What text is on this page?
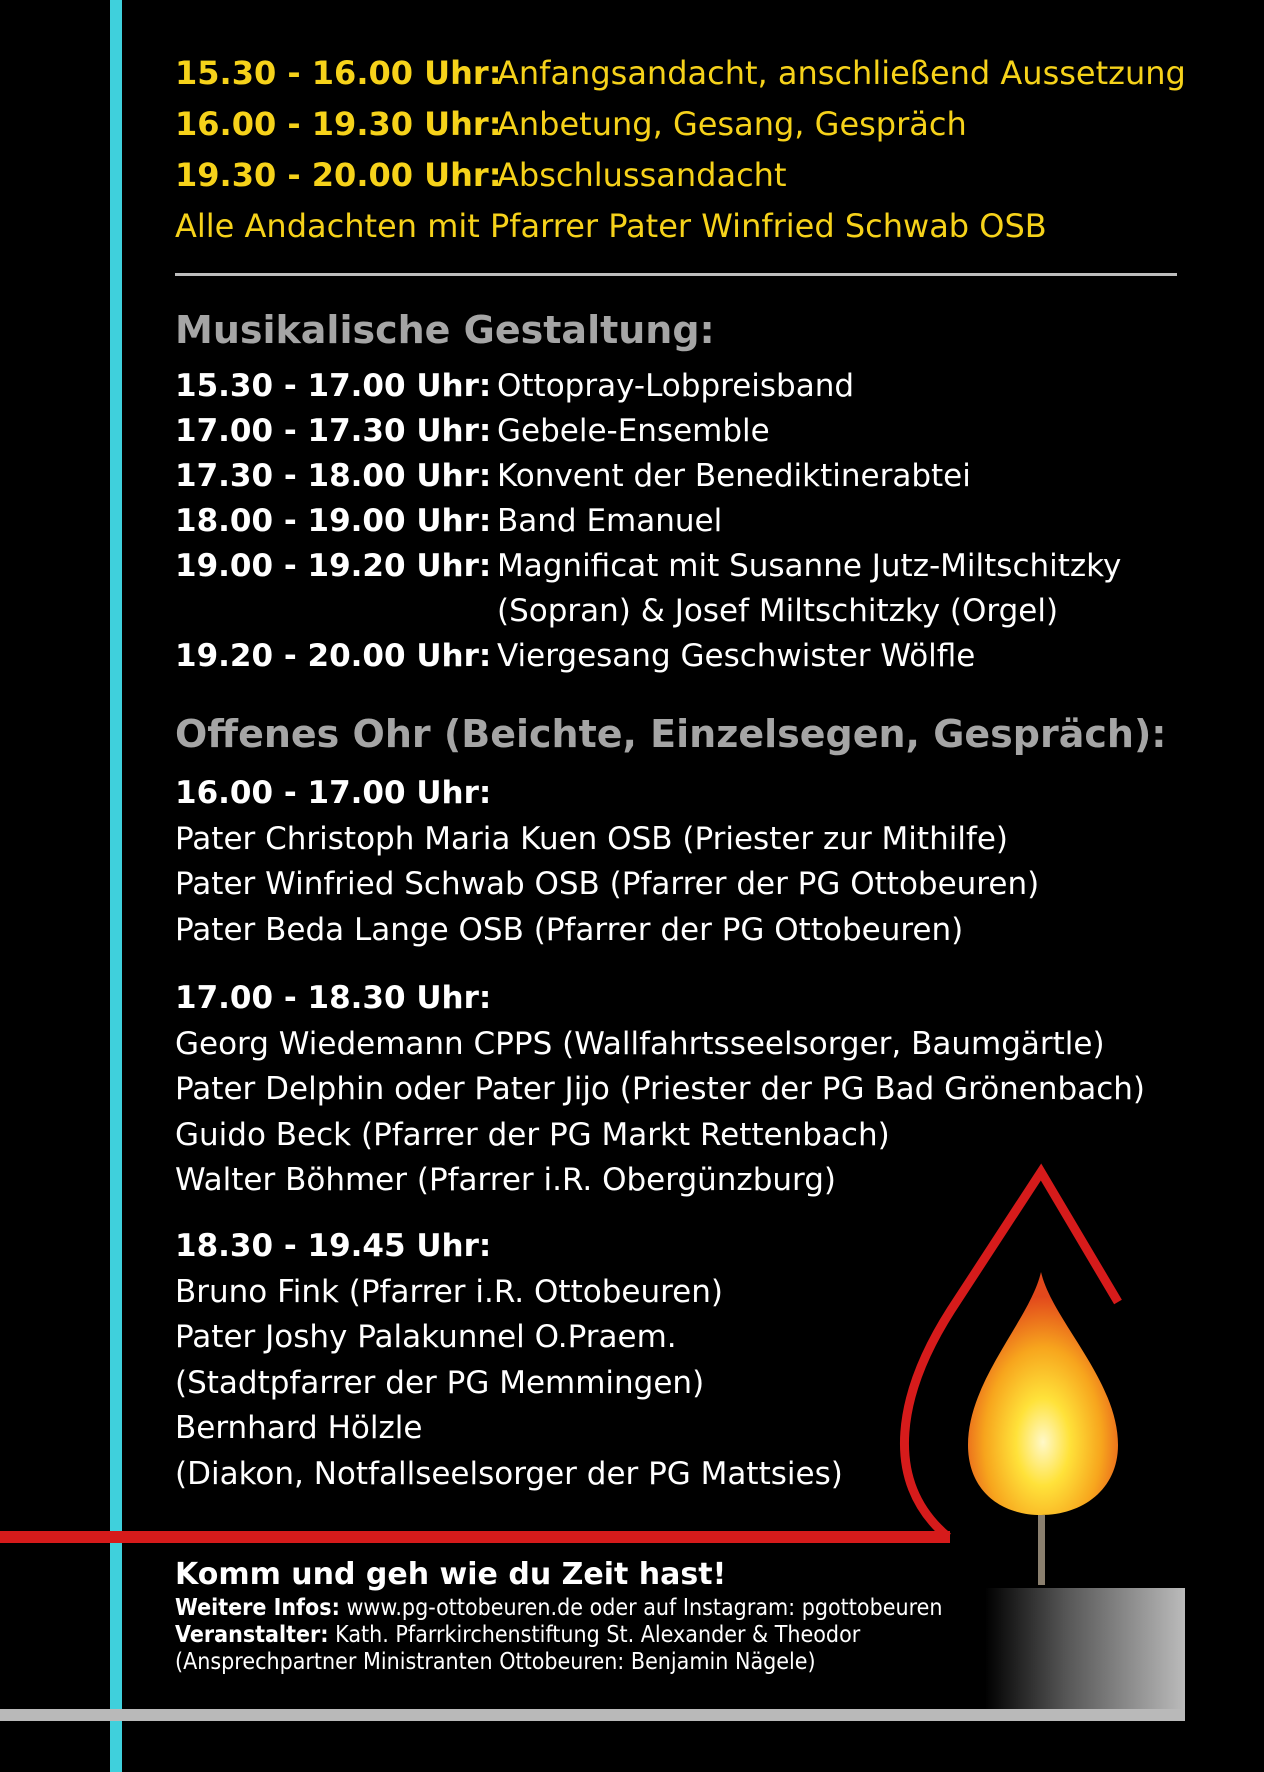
15.30 - 16.00 Uhr:
Anfangsandacht, anschließend Aussetzung
16.00 - 19.30 Uhr:
Anbetung, Gesang, Gespräch
19.30 - 20.00 Uhr:
Abschlussandacht
Alle Andachten mit Pfarrer Pater Winfried Schwab OSB
Musikalische Gestaltung:
15.30 - 17.00 Uhr: Ottopray-Lobpreisband
17.00 - 17.30 Uhr: Gebele-Ensemble
17.30 - 18.00 Uhr: Konvent der Benediktinerabtei
18.00 - 19.00 Uhr: Band Emanuel
19.00 - 19.20 Uhr: Magnificat mit Susanne Jutz-Miltschitzky
(Sopran) & Josef Miltschitzky (Orgel)
19.20 - 20.00 Uhr: Viergesang Geschwister Wölfle
Offenes Ohr (Beichte, Einzelsegen, Gespräch):
16.00 - 17.00 Uhr:
Pater Christoph Maria Kuen OSB (Priester zur Mithilfe)
Pater Winfried Schwab OSB (Pfarrer der PG Ottobeuren)
Pater Beda Lange OSB (Pfarrer der PG Ottobeuren)
17.00 - 18.30 Uhr:
Georg Wiedemann CPPS (Wallfahrtsseelsorger, Baumgärtle)
Pater Delphin oder Pater Jijo (Priester der PG Bad Grönenbach)
Guido Beck (Pfarrer der PG Markt Rettenbach)
Walter Böhmer (Pfarrer i.R. Obergünzburg)
18.30 - 19.45 Uhr:
Bruno Fink (Pfarrer i.R. Ottobeuren)
Pater Joshy Palakunnel O.Praem.
(Stadtpfarrer der PG Memmingen)
Bernhard Hölzle
(Diakon, Notfallseelsorger der PG Mattsies)
Komm und geh wie du Zeit hast!
Weitere Infos: www.pg-ottobeuren.de oder auf Instagram: pgottobeuren
Veranstalter: Kath. Pfarrkirchenstiftung St. Alexander & Theodor
(Ansprechpartner Ministranten Ottobeuren: Benjamin Nägele)
